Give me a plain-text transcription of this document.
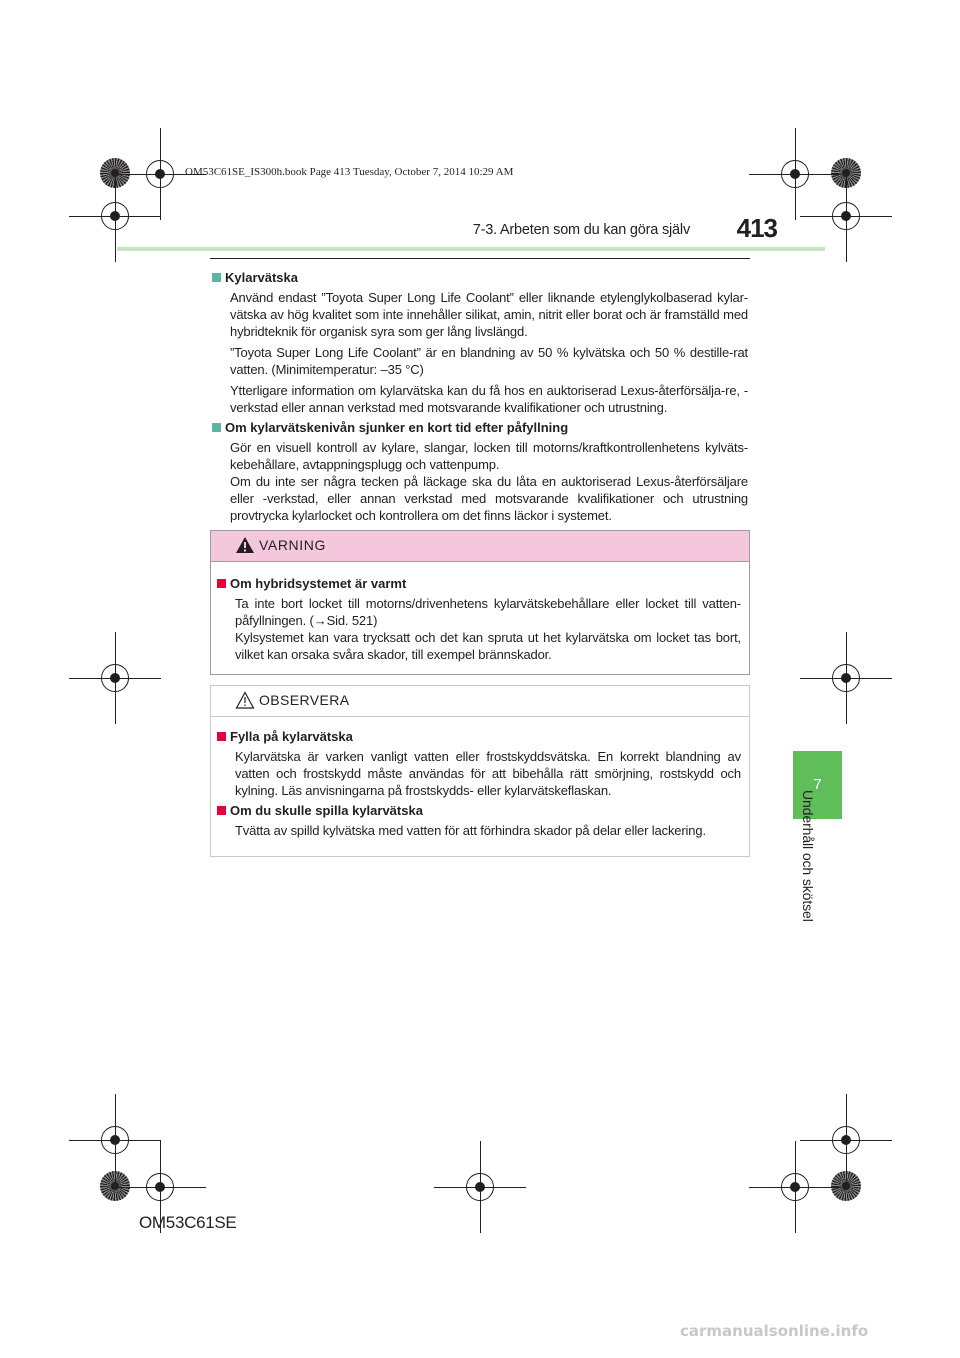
OM53C61SE_IS300h.book Page 413 Tuesday, October 7, 2014 10:29 AM
7-3. Arbeten som du kan göra själv	413
7
Underhåll och skötsel
Kylarvätska

Använd endast ”Toyota Super Long Life Coolant” eller liknande etylenglykolbaserad kylar-vätska av hög kvalitet som inte innehåller silikat, amin, nitrit eller borat och är framställd med hybridteknik för organisk syra som ger lång livslängd.

”Toyota Super Long Life Coolant” är en blandning av 50 % kylvätska och 50 % destille-rat vatten. (Minimitemperatur: –35 °C)

Ytterligare information om kylarvätska kan du få hos en auktoriserad Lexus-återförsälja-re, -verkstad eller annan verkstad med motsvarande kvalifikationer och utrustning.

Om kylarvätskenivån sjunker en kort tid efter påfyllning

Gör en visuell kontroll av kylare, slangar, locken till motorns/kraftkontrollenhetens kylväts-kebehållare, avtappningsplugg och vattenpump.

Om du inte ser några tecken på läckage ska du låta en auktoriserad Lexus-återförsäljare eller -verkstad, eller annan verkstad med motsvarande kvalifikationer och utrustning provtrycka kylarlocket och kontrollera om det finns läckor i systemet.

VARNING
Om hybridsystemet är varmt

Ta inte bort locket till motorns/drivenhetens kylarvätskebehållare eller locket till vatten-påfyllningen. (→Sid. 521)
Kylsystemet kan vara trycksatt och det kan spruta ut het kylarvätska om locket tas bort, vilket kan orsaka svåra skador, till exempel brännskador.

OBSERVERA
Fylla på kylarvätska

Kylarvätska är varken vanligt vatten eller frostskyddsvätska. En korrekt blandning av vatten och frostskydd måste användas för att bibehålla rätt smörjning, rostskydd och kylning. Läs anvisningarna på frostskydds- eller kylarvätskeflaskan.

Om du skulle spilla kylarvätska

Tvätta av spilld kylvätska med vatten för att förhindra skador på delar eller lackering.

OM53C61SE
carmanualsonline.info
